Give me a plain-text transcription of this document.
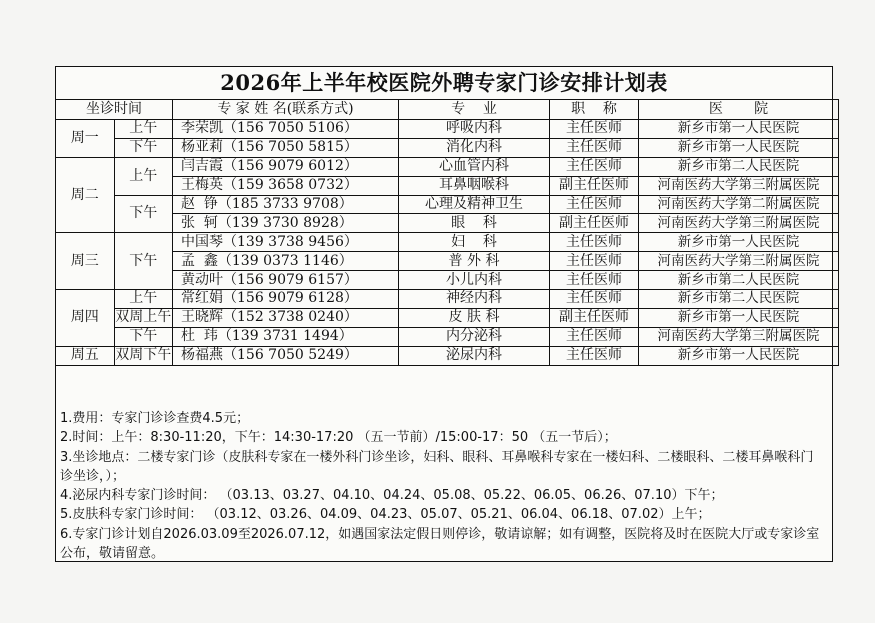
2026年上半年校医院外聘专家门诊安排计划表
坐诊时间		专 家 姓 名(联系方式)	专    业	职    称	医       院
周一	上午	李荣凯（156 7050 5106）	呼吸内科	主任医师	新乡市第一人民医院
	下午	杨亚莉（156 7050 5815）	消化内科	主任医师	新乡市第一人民医院
周二	上午	闫吉霞（156 9079 6012）	心血管内科	主任医师	新乡市第二人民医院
		王梅英（159 3658 0732）	耳鼻咽喉科	副主任医师	河南医药大学第三附属医院
	下午	赵  铮（185 3733 9708）	心理及精神卫生	主任医师	河南医药大学第二附属医院
		张  轲（139 3730 8928）	眼    科	副主任医师	河南医药大学第三附属医院
周三	下午	中国琴（139 3738 9456）	妇    科	主任医师	新乡市第一人民医院
		孟  鑫（139 0373 1146）	普 外 科	主任医师	河南医药大学第三附属医院
		黄动叶（156 9079 6157）	小儿内科	主任医师	新乡市第二人民医院
周四	上午	常红娟（156 9079 6128）	神经内科	主任医师	新乡市第二人民医院
	双周上午	王晓辉（152 3738 0240）	皮 肤 科	副主任医师	新乡市第一人民医院
	下午	杜  玮（139 3731 1494）	内分泌科	主任医师	河南医药大学第三附属医院
周五	双周下午	杨福燕（156 7050 5249）	泌尿内科	主任医师	新乡市第一人民医院
1.费用：专家门诊诊查费4.5元；
2.时间：上午：8:30-11:20，下午：14:30-17:20 （五一节前）/15:00-17：50 （五一节后）；
3.坐诊地点：二楼专家门诊（皮肤科专家在一楼外科门诊坐诊，妇科、眼科、耳鼻喉科专家在一楼妇科、二楼眼科、二楼耳鼻喉科门诊坐诊，）；
4.泌尿内科专家门诊时间： （03.13、03.27、04.10、04.24、05.08、05.22、06.05、06.26、07.10）下午；
5.皮肤科专家门诊时间： （03.12、03.26、04.09、04.23、05.07、05.21、06.04、06.18、07.02）上午；
6.专家门诊计划自2026.03.09至2026.07.12，如遇国家法定假日则停诊，敬请谅解；如有调整，医院将及时在医院大厅或专家诊室公布，敬请留意。
